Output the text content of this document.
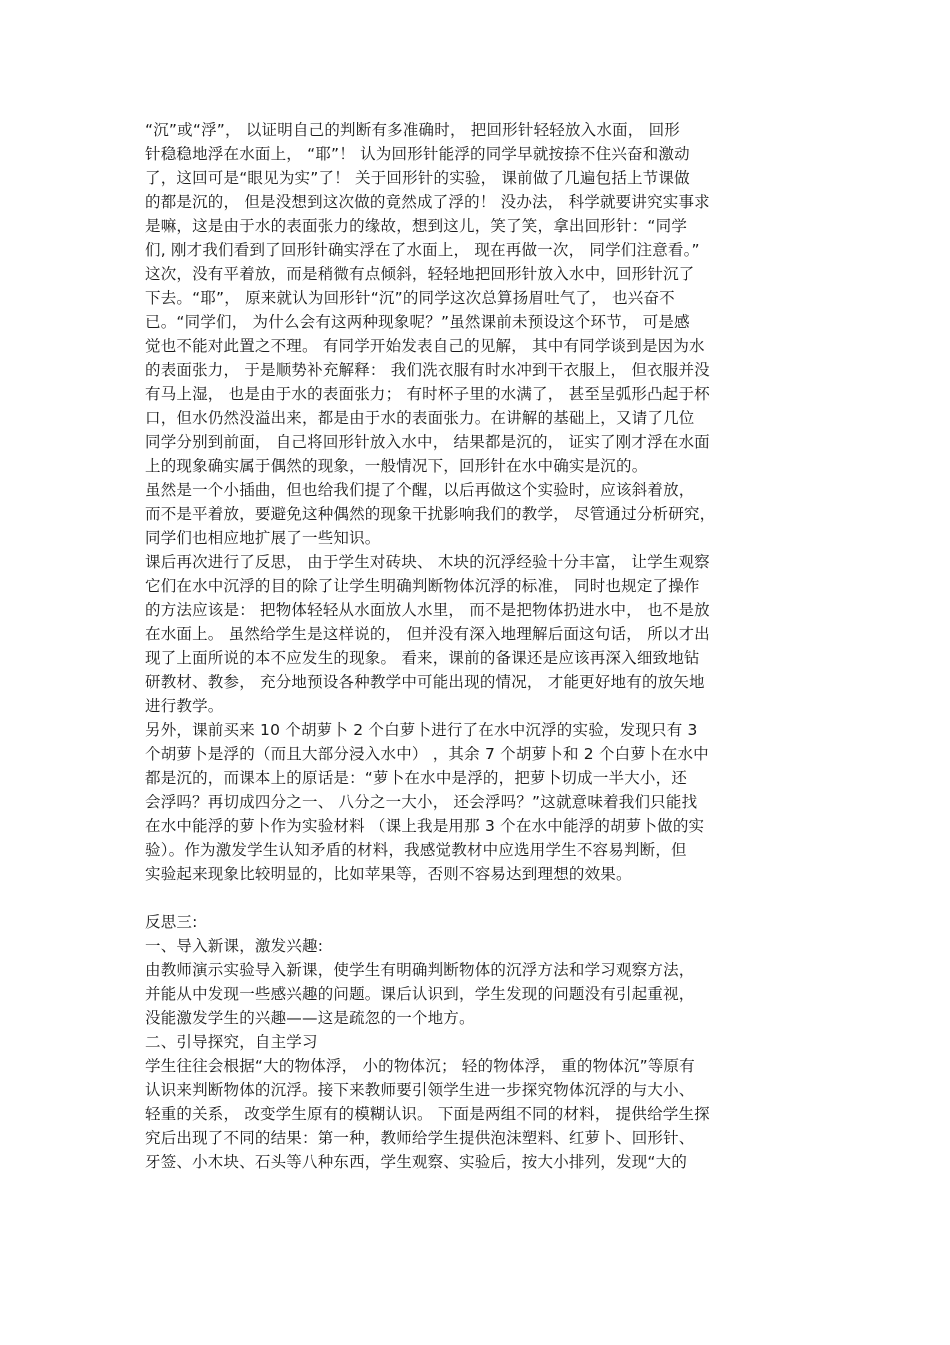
“沉”或“浮”， 以证明自己的判断有多准确时， 把回形针轻轻放入水面， 回形
针稳稳地浮在水面上， “耶”！ 认为回形针能浮的同学早就按捺不住兴奋和激动
了，这回可是“眼见为实”了！ 关于回形针的实验， 课前做了几遍包括上节课做
的都是沉的， 但是没想到这次做的竟然成了浮的！ 没办法， 科学就要讲究实事求
是嘛，这是由于水的表面张力的缘故，想到这儿，笑了笑，拿出回形针：“同学
们, 刚才我们看到了回形针确实浮在了水面上， 现在再做一次， 同学们注意看。”
这次，没有平着放，而是稍微有点倾斜，轻轻地把回形针放入水中，回形针沉了
下去。“耶”， 原来就认为回形针“沉”的同学这次总算扬眉吐气了， 也兴奋不
已。“同学们， 为什么会有这两种现象呢？”虽然课前未预设这个环节， 可是感
觉也不能对此置之不理。 有同学开始发表自己的见解， 其中有同学谈到是因为水
的表面张力， 于是顺势补充解释： 我们洗衣服有时水冲到干衣服上， 但衣服并没
有马上湿， 也是由于水的表面张力； 有时杯子里的水满了， 甚至呈弧形凸起于杯
口，但水仍然没溢出来，都是由于水的表面张力。在讲解的基础上，又请了几位
同学分别到前面， 自己将回形针放入水中， 结果都是沉的， 证实了刚才浮在水面
上的现象确实属于偶然的现象，一般情况下，回形针在水中确实是沉的。
虽然是一个小插曲，但也给我们提了个醒，以后再做这个实验时，应该斜着放，
而不是平着放，要避免这种偶然的现象干扰影响我们的教学， 尽管通过分析研究，
同学们也相应地扩展了一些知识。
课后再次进行了反思， 由于学生对砖块、 木块的沉浮经验十分丰富， 让学生观察
它们在水中沉浮的目的除了让学生明确判断物体沉浮的标准， 同时也规定了操作
的方法应该是： 把物体轻轻从水面放人水里， 而不是把物体扔进水中， 也不是放
在水面上。 虽然给学生是这样说的， 但并没有深入地理解后面这句话， 所以才出
现了上面所说的本不应发生的现象。 看来，课前的备课还是应该再深入细致地钻
研教材、教参， 充分地预设各种教学中可能出现的情况， 才能更好地有的放矢地
进行教学。
另外，课前买来 10 个胡萝卜 2 个白萝卜进行了在水中沉浮的实验，发现只有 3
个胡萝卜是浮的（而且大部分浸入水中） ，其余 7 个胡萝卜和 2 个白萝卜在水中
都是沉的，而课本上的原话是：“萝卜在水中是浮的，把萝卜切成一半大小，还
会浮吗？再切成四分之一、 八分之一大小， 还会浮吗？”这就意味着我们只能找
在水中能浮的萝卜作为实验材料 （课上我是用那 3 个在水中能浮的胡萝卜做的实
验）。作为激发学生认知矛盾的材料，我感觉教材中应选用学生不容易判断，但
实验起来现象比较明显的，比如苹果等，否则不容易达到理想的效果。
反思三:
一、导入新课，激发兴趣:
由教师演示实验导入新课，使学生有明确判断物体的沉浮方法和学习观察方法，
并能从中发现一些感兴趣的问题。课后认识到，学生发现的问题没有引起重视，
没能激发学生的兴趣——这是疏忽的一个地方。
二、引导探究，自主学习
学生往往会根据“大的物体浮， 小的物体沉； 轻的物体浮， 重的物体沉”等原有
认识来判断物体的沉浮。接下来教师要引领学生进一步探究物体沉浮的与大小、
轻重的关系， 改变学生原有的模糊认识。 下面是两组不同的材料， 提供给学生探
究后出现了不同的结果：第一种，教师给学生提供泡沫塑料、红萝卜、回形针、
牙签、小木块、石头等八种东西，学生观察、实验后，按大小排列，发现“大的
